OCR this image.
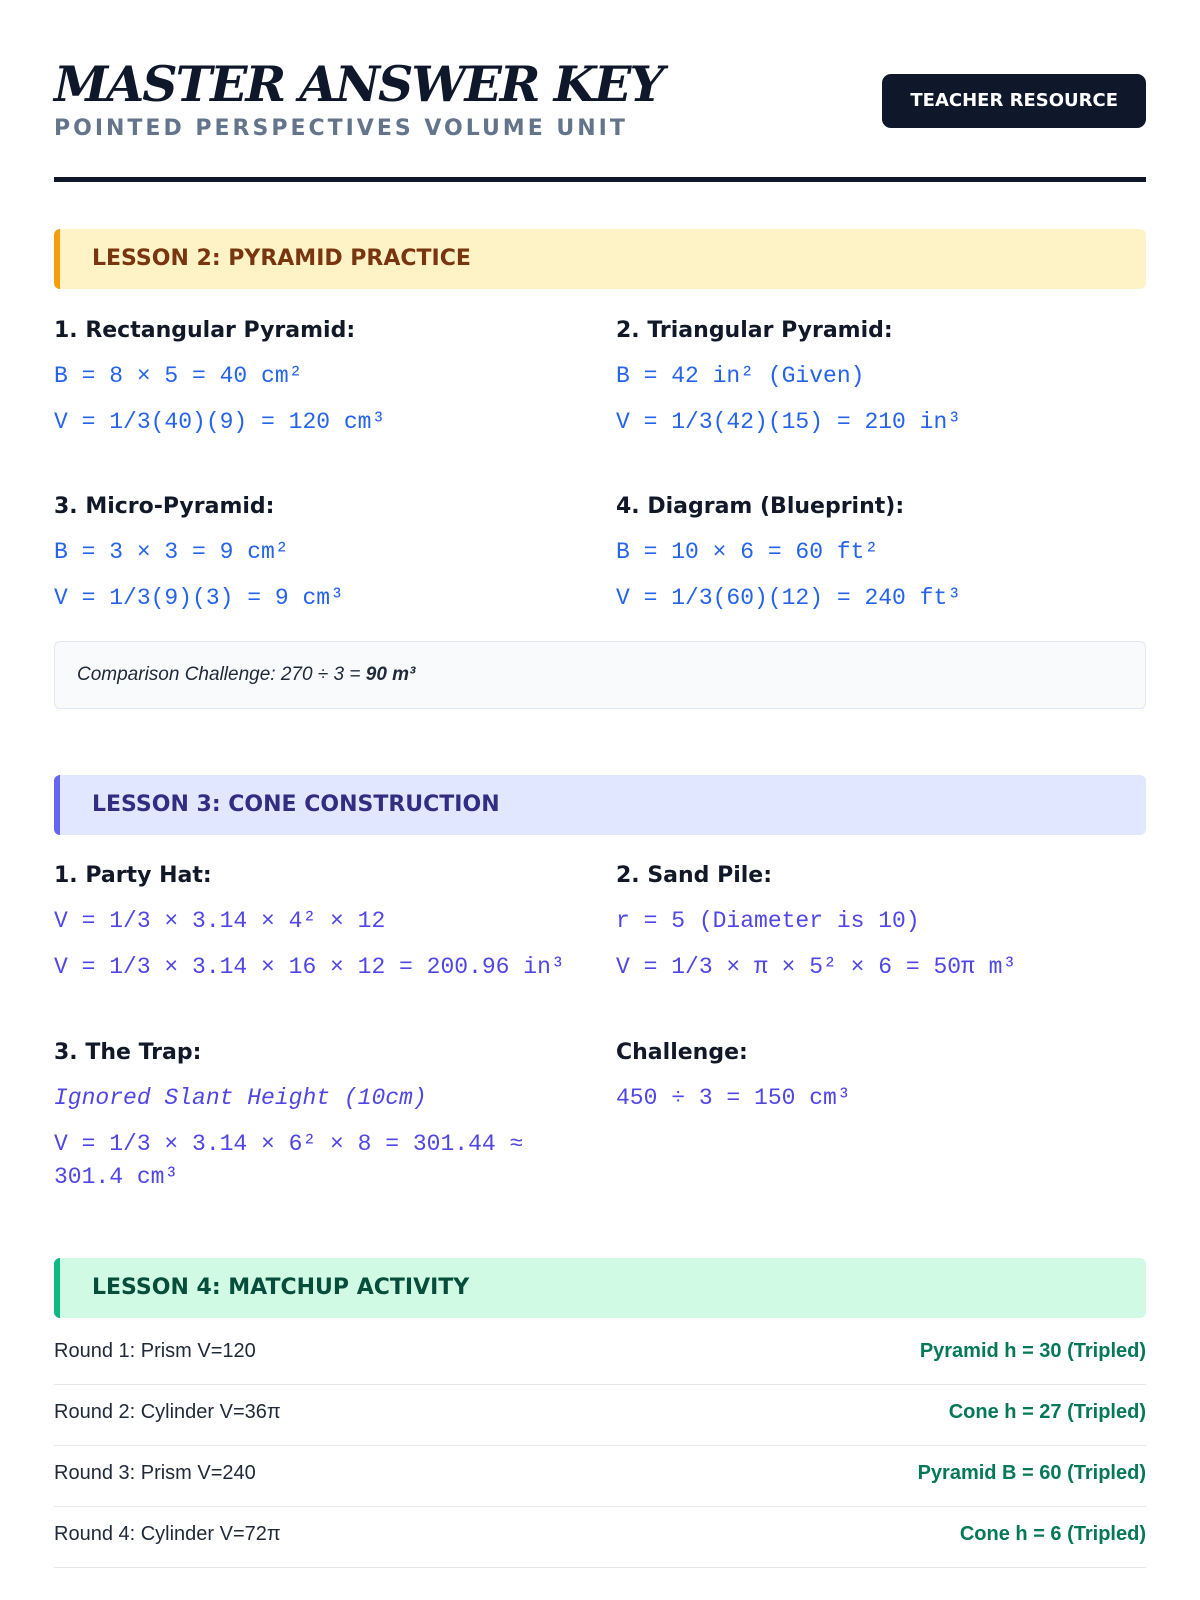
MASTER ANSWER KEY
POINTED PERSPECTIVES VOLUME UNIT
TEACHER RESOURCE
LESSON 2: PYRAMID PRACTICE
1. Rectangular Pyramid:
B = 8 × 5 = 40 cm²
V = 1/3(40)(9) = 120 cm³
2. Triangular Pyramid:
B = 42 in² (Given)
V = 1/3(42)(15) = 210 in³
3. Micro-Pyramid:
B = 3 × 3 = 9 cm²
V = 1/3(9)(3) = 9 cm³
4. Diagram (Blueprint):
B = 10 × 6 = 60 ft²
V = 1/3(60)(12) = 240 ft³
Comparison Challenge: 270 ÷ 3 = 90 m³
LESSON 3: CONE CONSTRUCTION
1. Party Hat:
V = 1/3 × 3.14 × 4² × 12
V = 1/3 × 3.14 × 16 × 12 = 200.96 in³
2. Sand Pile:
r = 5 (Diameter is 10)
V = 1/3 × π × 5² × 6 = 50π m³
3. The Trap:
Ignored Slant Height (10cm)
V = 1/3 × 3.14 × 6² × 8 = 301.44 ≈ 301.4 cm³
Challenge:
450 ÷ 3 = 150 cm³
LESSON 4: MATCHUP ACTIVITY
Round 1: Prism V=120	Pyramid h = 30 (Tripled)
Round 2: Cylinder V=36π	Cone h = 27 (Tripled)
Round 3: Prism V=240	Pyramid B = 60 (Tripled)
Round 4: Cylinder V=72π	Cone h = 6 (Tripled)
